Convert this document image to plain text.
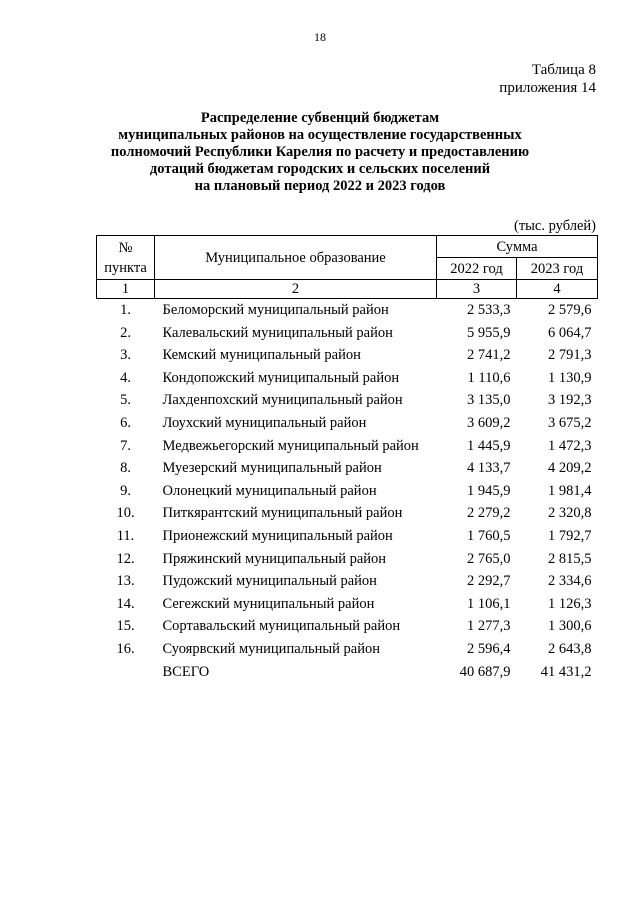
18
Таблица 8
приложения 14
Распределение субвенций бюджетам
муниципальных районов на осуществление государственных
полномочий Республики Карелия по расчету и предоставлению
дотаций бюджетам городских и сельских поселений
на плановый период 2022 и 2023 годов
(тыс. рублей)
№
пункта	Муниципальное образование	Сумма	
		2022 год	2023 год
1	2	3	4
1.	Беломорский муниципальный район	2 533,3	2 579,6
2.	Калевальский муниципальный район	5 955,9	6 064,7
3.	Кемский муниципальный район	2 741,2	2 791,3
4.	Кондопожский муниципальный район	1 110,6	1 130,9
5.	Лахденпохский муниципальный район	3 135,0	3 192,3
6.	Лоухский муниципальный район	3 609,2	3 675,2
7.	Медвежьегорский муниципальный район	1 445,9	1 472,3
8.	Муезерский муниципальный район	4 133,7	4 209,2
9.	Олонецкий муниципальный район	1 945,9	1 981,4
10.	Питкярантский муниципальный район	2 279,2	2 320,8
11.	Прионежский муниципальный район	1 760,5	1 792,7
12.	Пряжинский муниципальный район	2 765,0	2 815,5
13.	Пудожский муниципальный район	2 292,7	2 334,6
14.	Сегежский муниципальный район	1 106,1	1 126,3
15.	Сортавальский муниципальный район	1 277,3	1 300,6
16.	Суоярвский муниципальный район	2 596,4	2 643,8
	ВСЕГО	40 687,9	41 431,2
